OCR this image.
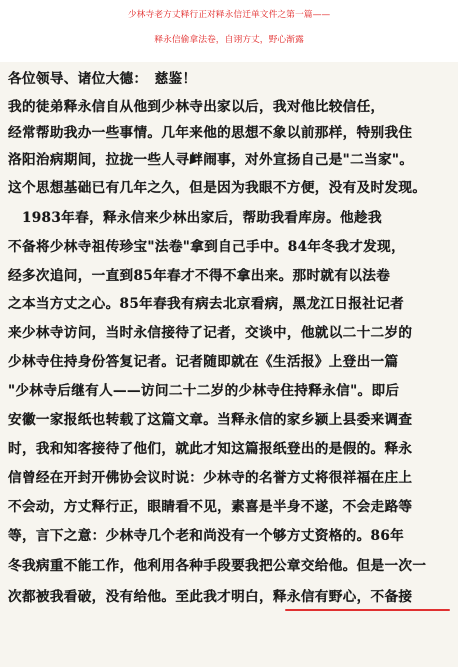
少林寺老方丈释行正对释永信迁单文件之第一篇——
释永信偷拿法卷，自诩方丈，野心渐露
各位领导、诸位大德：　慈鉴！
我的徒弟释永信自从他到少林寺出家以后，我对他比较信任，
经常帮助我办一些事情。几年来他的思想不象以前那样，特别我住
洛阳治病期间，拉拢一些人寻衅闹事，对外宣扬自己是"二当家"。
这个思想基础已有几年之久，但是因为我眼不方便，没有及时发现。
　1983年春，释永信来少林出家后，帮助我看库房。他趁我
不备将少林寺祖传珍宝"法卷"拿到自己手中。84年冬我才发现，
经多次追问，一直到85年春才不得不拿出来。那时就有以法卷
之本当方丈之心。85年春我有病去北京看病，黑龙江日报社记者
来少林寺访问，当时永信接待了记者，交谈中，他就以二十二岁的
少林寺住持身份答复记者。记者随即就在《生活报》上登出一篇
"少林寺后继有人——访问二十二岁的少林寺住持释永信"。即后
安徽一家报纸也转载了这篇文章。当释永信的家乡颍上县委来调查
时，我和知客接待了他们，就此才知这篇报纸登出的是假的。释永
信曾经在开封开佛协会议时说：少林寺的名誉方丈将很祥福在庄上
不会动，方丈释行正，眼睛看不见，素喜是半身不遂，不会走路等
等，言下之意：少林寺几个老和尚没有一个够方丈资格的。86年
冬我病重不能工作，他利用各种手段要我把公章交给他。但是一次一
次都被我看破，没有给他。至此我才明白，释永信有野心，不备接
